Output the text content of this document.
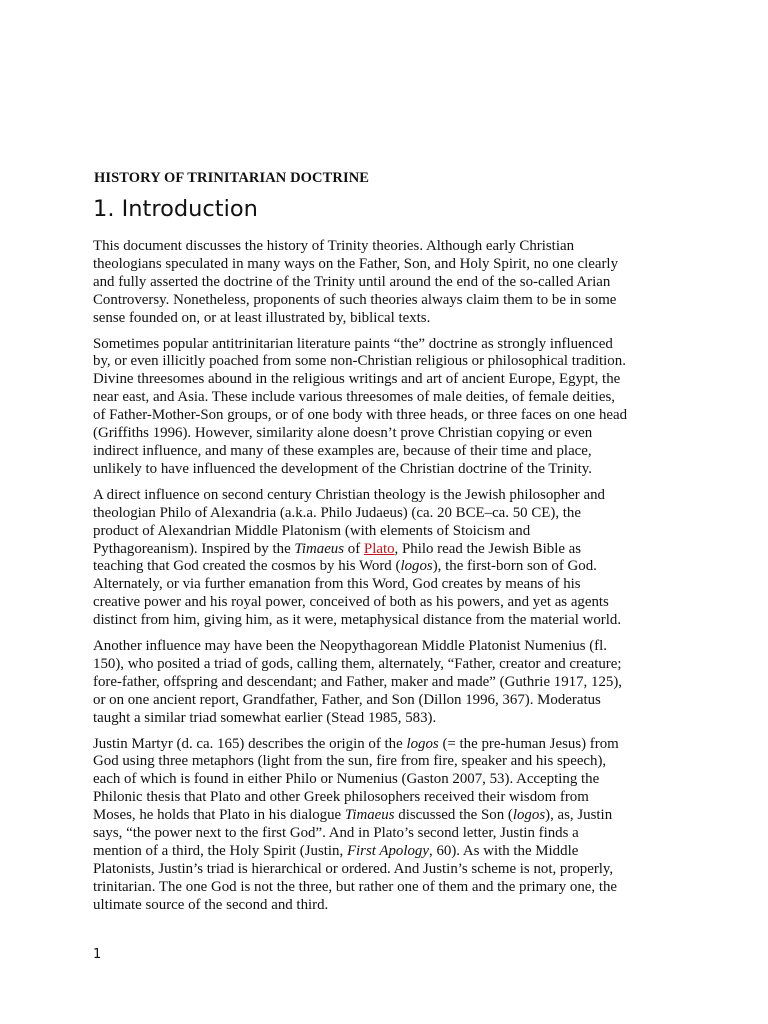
HISTORY OF TRINITARIAN DOCTRINE
1. Introduction

This document discusses the history of Trinity theories. Although early Christian
theologians speculated in many ways on the Father, Son, and Holy Spirit, no one clearly
and fully asserted the doctrine of the Trinity until around the end of the so-called Arian
Controversy. Nonetheless, proponents of such theories always claim them to be in some
sense founded on, or at least illustrated by, biblical texts.

Sometimes popular antitrinitarian literature paints “the” doctrine as strongly influenced
by, or even illicitly poached from some non-Christian religious or philosophical tradition.
Divine threesomes abound in the religious writings and art of ancient Europe, Egypt, the
near east, and Asia. These include various threesomes of male deities, of female deities,
of Father-Mother-Son groups, or of one body with three heads, or three faces on one head
(Griffiths 1996). However, similarity alone doesn’t prove Christian copying or even
indirect influence, and many of these examples are, because of their time and place,
unlikely to have influenced the development of the Christian doctrine of the Trinity.

A direct influence on second century Christian theology is the Jewish philosopher and
theologian Philo of Alexandria (a.k.a. Philo Judaeus) (ca. 20 BCE–ca. 50 CE), the
product of Alexandrian Middle Platonism (with elements of Stoicism and
Pythagoreanism). Inspired by the Timaeus of Plato, Philo read the Jewish Bible as
teaching that God created the cosmos by his Word (logos), the first-born son of God.
Alternately, or via further emanation from this Word, God creates by means of his
creative power and his royal power, conceived of both as his powers, and yet as agents
distinct from him, giving him, as it were, metaphysical distance from the material world.

Another influence may have been the Neopythagorean Middle Platonist Numenius (fl.
150), who posited a triad of gods, calling them, alternately, “Father, creator and creature;
fore-father, offspring and descendant; and Father, maker and made” (Guthrie 1917, 125),
or on one ancient report, Grandfather, Father, and Son (Dillon 1996, 367). Moderatus
taught a similar triad somewhat earlier (Stead 1985, 583).

Justin Martyr (d. ca. 165) describes the origin of the logos (= the pre-human Jesus) from
God using three metaphors (light from the sun, fire from fire, speaker and his speech),
each of which is found in either Philo or Numenius (Gaston 2007, 53). Accepting the
Philonic thesis that Plato and other Greek philosophers received their wisdom from
Moses, he holds that Plato in his dialogue Timaeus discussed the Son (logos), as, Justin
says, “the power next to the first God”. And in Plato’s second letter, Justin finds a
mention of a third, the Holy Spirit (Justin, First Apology, 60). As with the Middle
Platonists, Justin’s triad is hierarchical or ordered. And Justin’s scheme is not, properly,
trinitarian. The one God is not the three, but rather one of them and the primary one, the
ultimate source of the second and third.

1
